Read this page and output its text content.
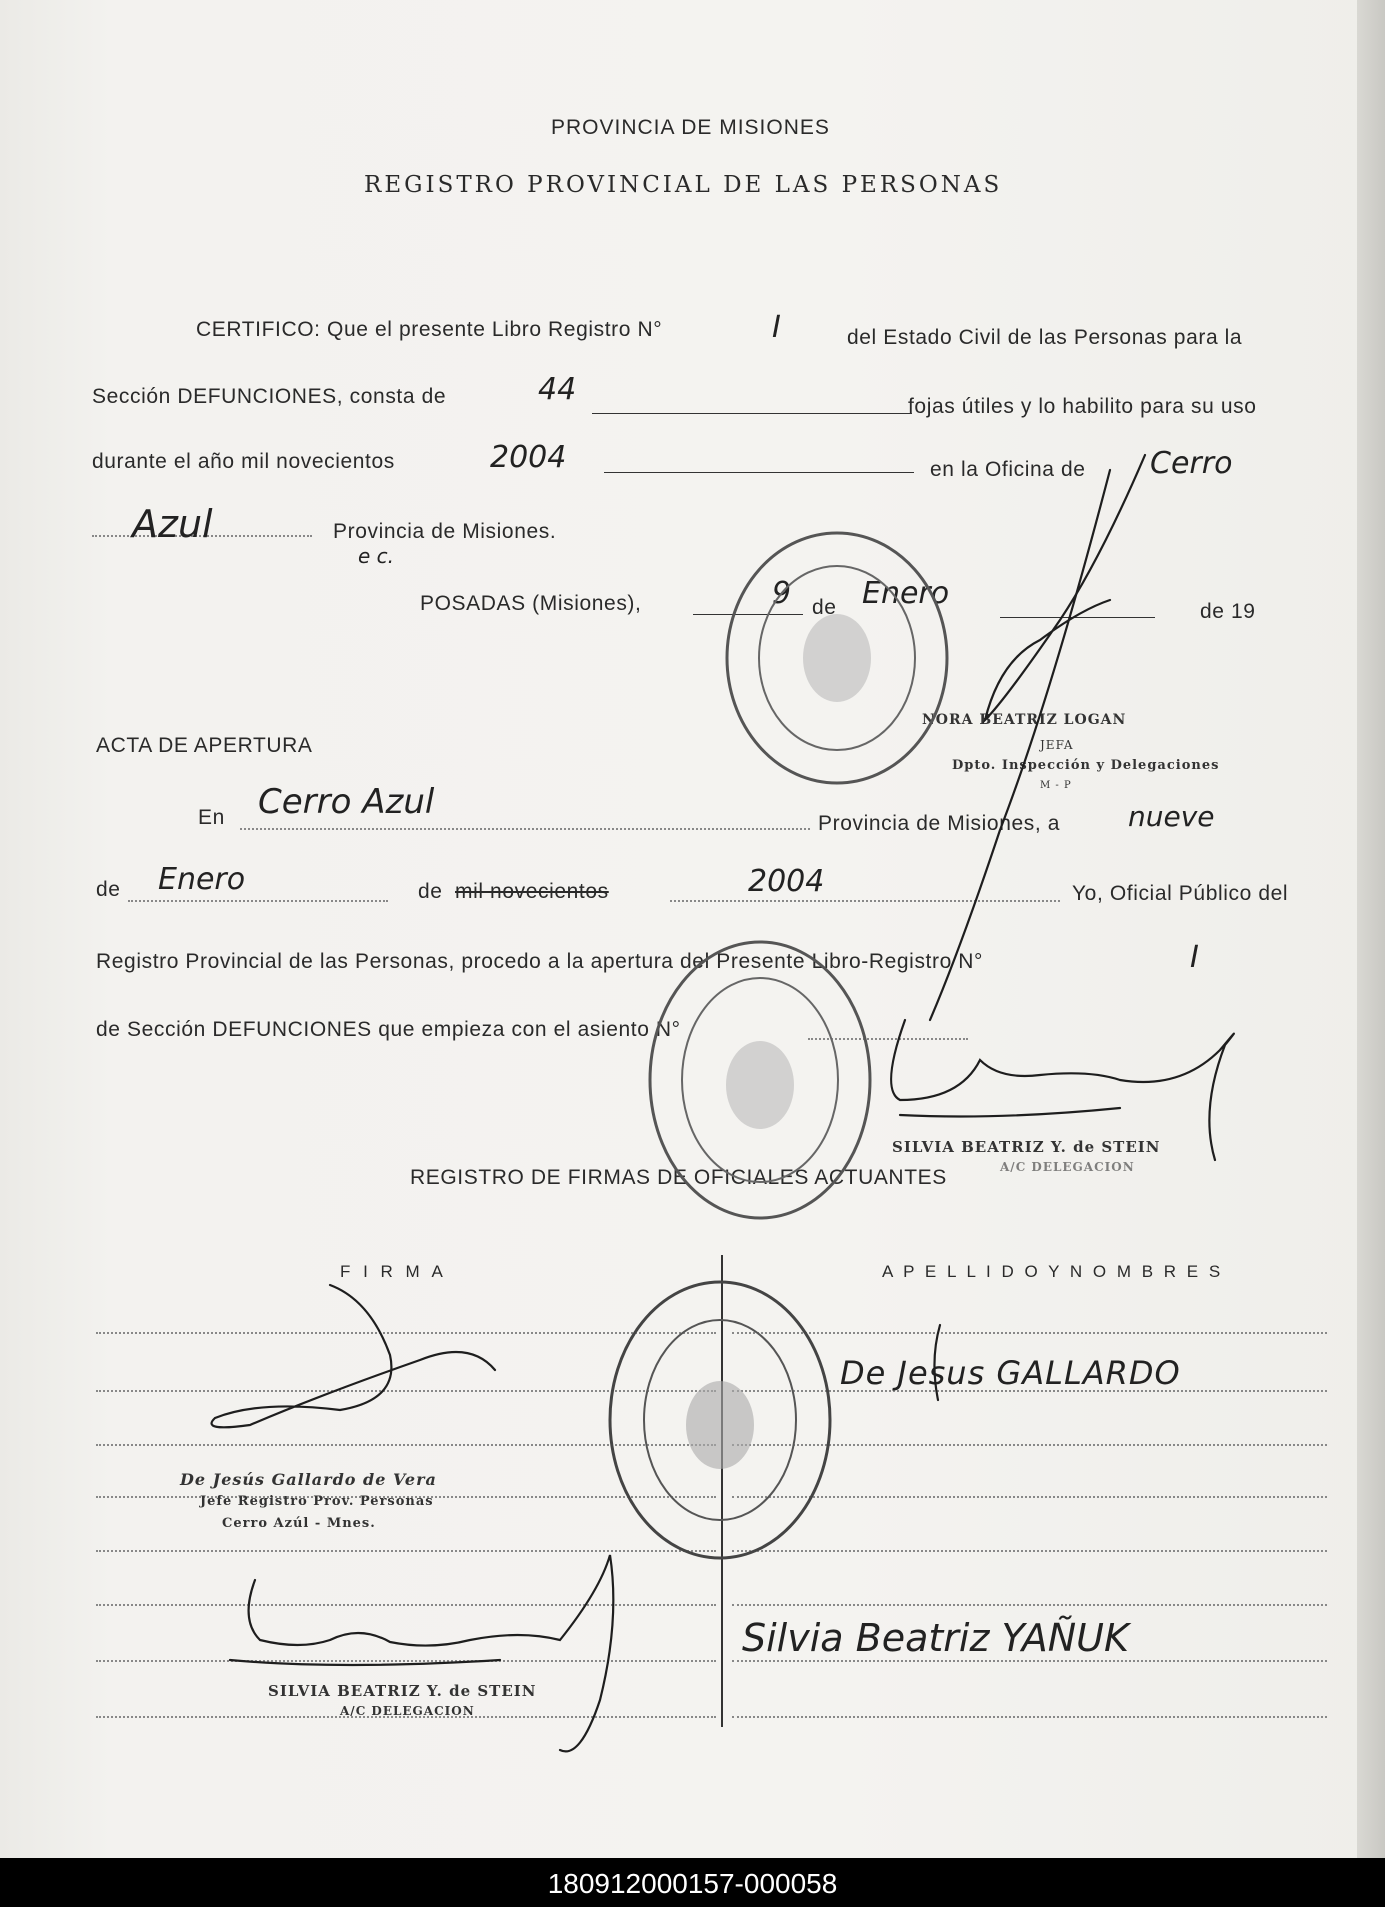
PROVINCIA DE MISIONES
REGISTRO PROVINCIAL DE LAS PERSONAS
CERTIFICO: Que el presente Libro Registro N°	I	del Estado Civil de las Personas para la
Sección DEFUNCIONES, consta de	44	fojas útiles y lo habilito para su uso
durante el año mil novecientos	2004	en la Oficina de Cerro
Azul	Provincia de Misiones.
e c.
POSADAS (Misiones),	9 de Enero
de 19
NORA BEATRIZ LOGAN
JEFA
Dpto. Inspección y Delegaciones
M - P
ACTA DE APERTURA
En Cerro Azul
Provincia de Misiones, a nueve
de Enero	de mil novecientos	2004	Yo, Oficial Público del
Registro Provincial de las Personas, procedo a la apertura del Presente Libro-Registro N°	I
de Sección DEFUNCIONES que empieza con el asiento N°
SILVIA BEATRIZ Y. de STEIN
A/C DELEGACION
REGISTRO DE FIRMAS DE OFICIALES ACTUANTES
F I R M A	A P E L L I D O Y N O M B R E S
De Jesús Gallardo de Vera
Jefe Registro Prov. Personas
Cerro Azúl - Mnes.
De Jesus GALLARDO
SILVIA BEATRIZ Y. de STEIN
A/C DELEGACION
Silvia Beatriz YAÑUK
180912000157-000058
